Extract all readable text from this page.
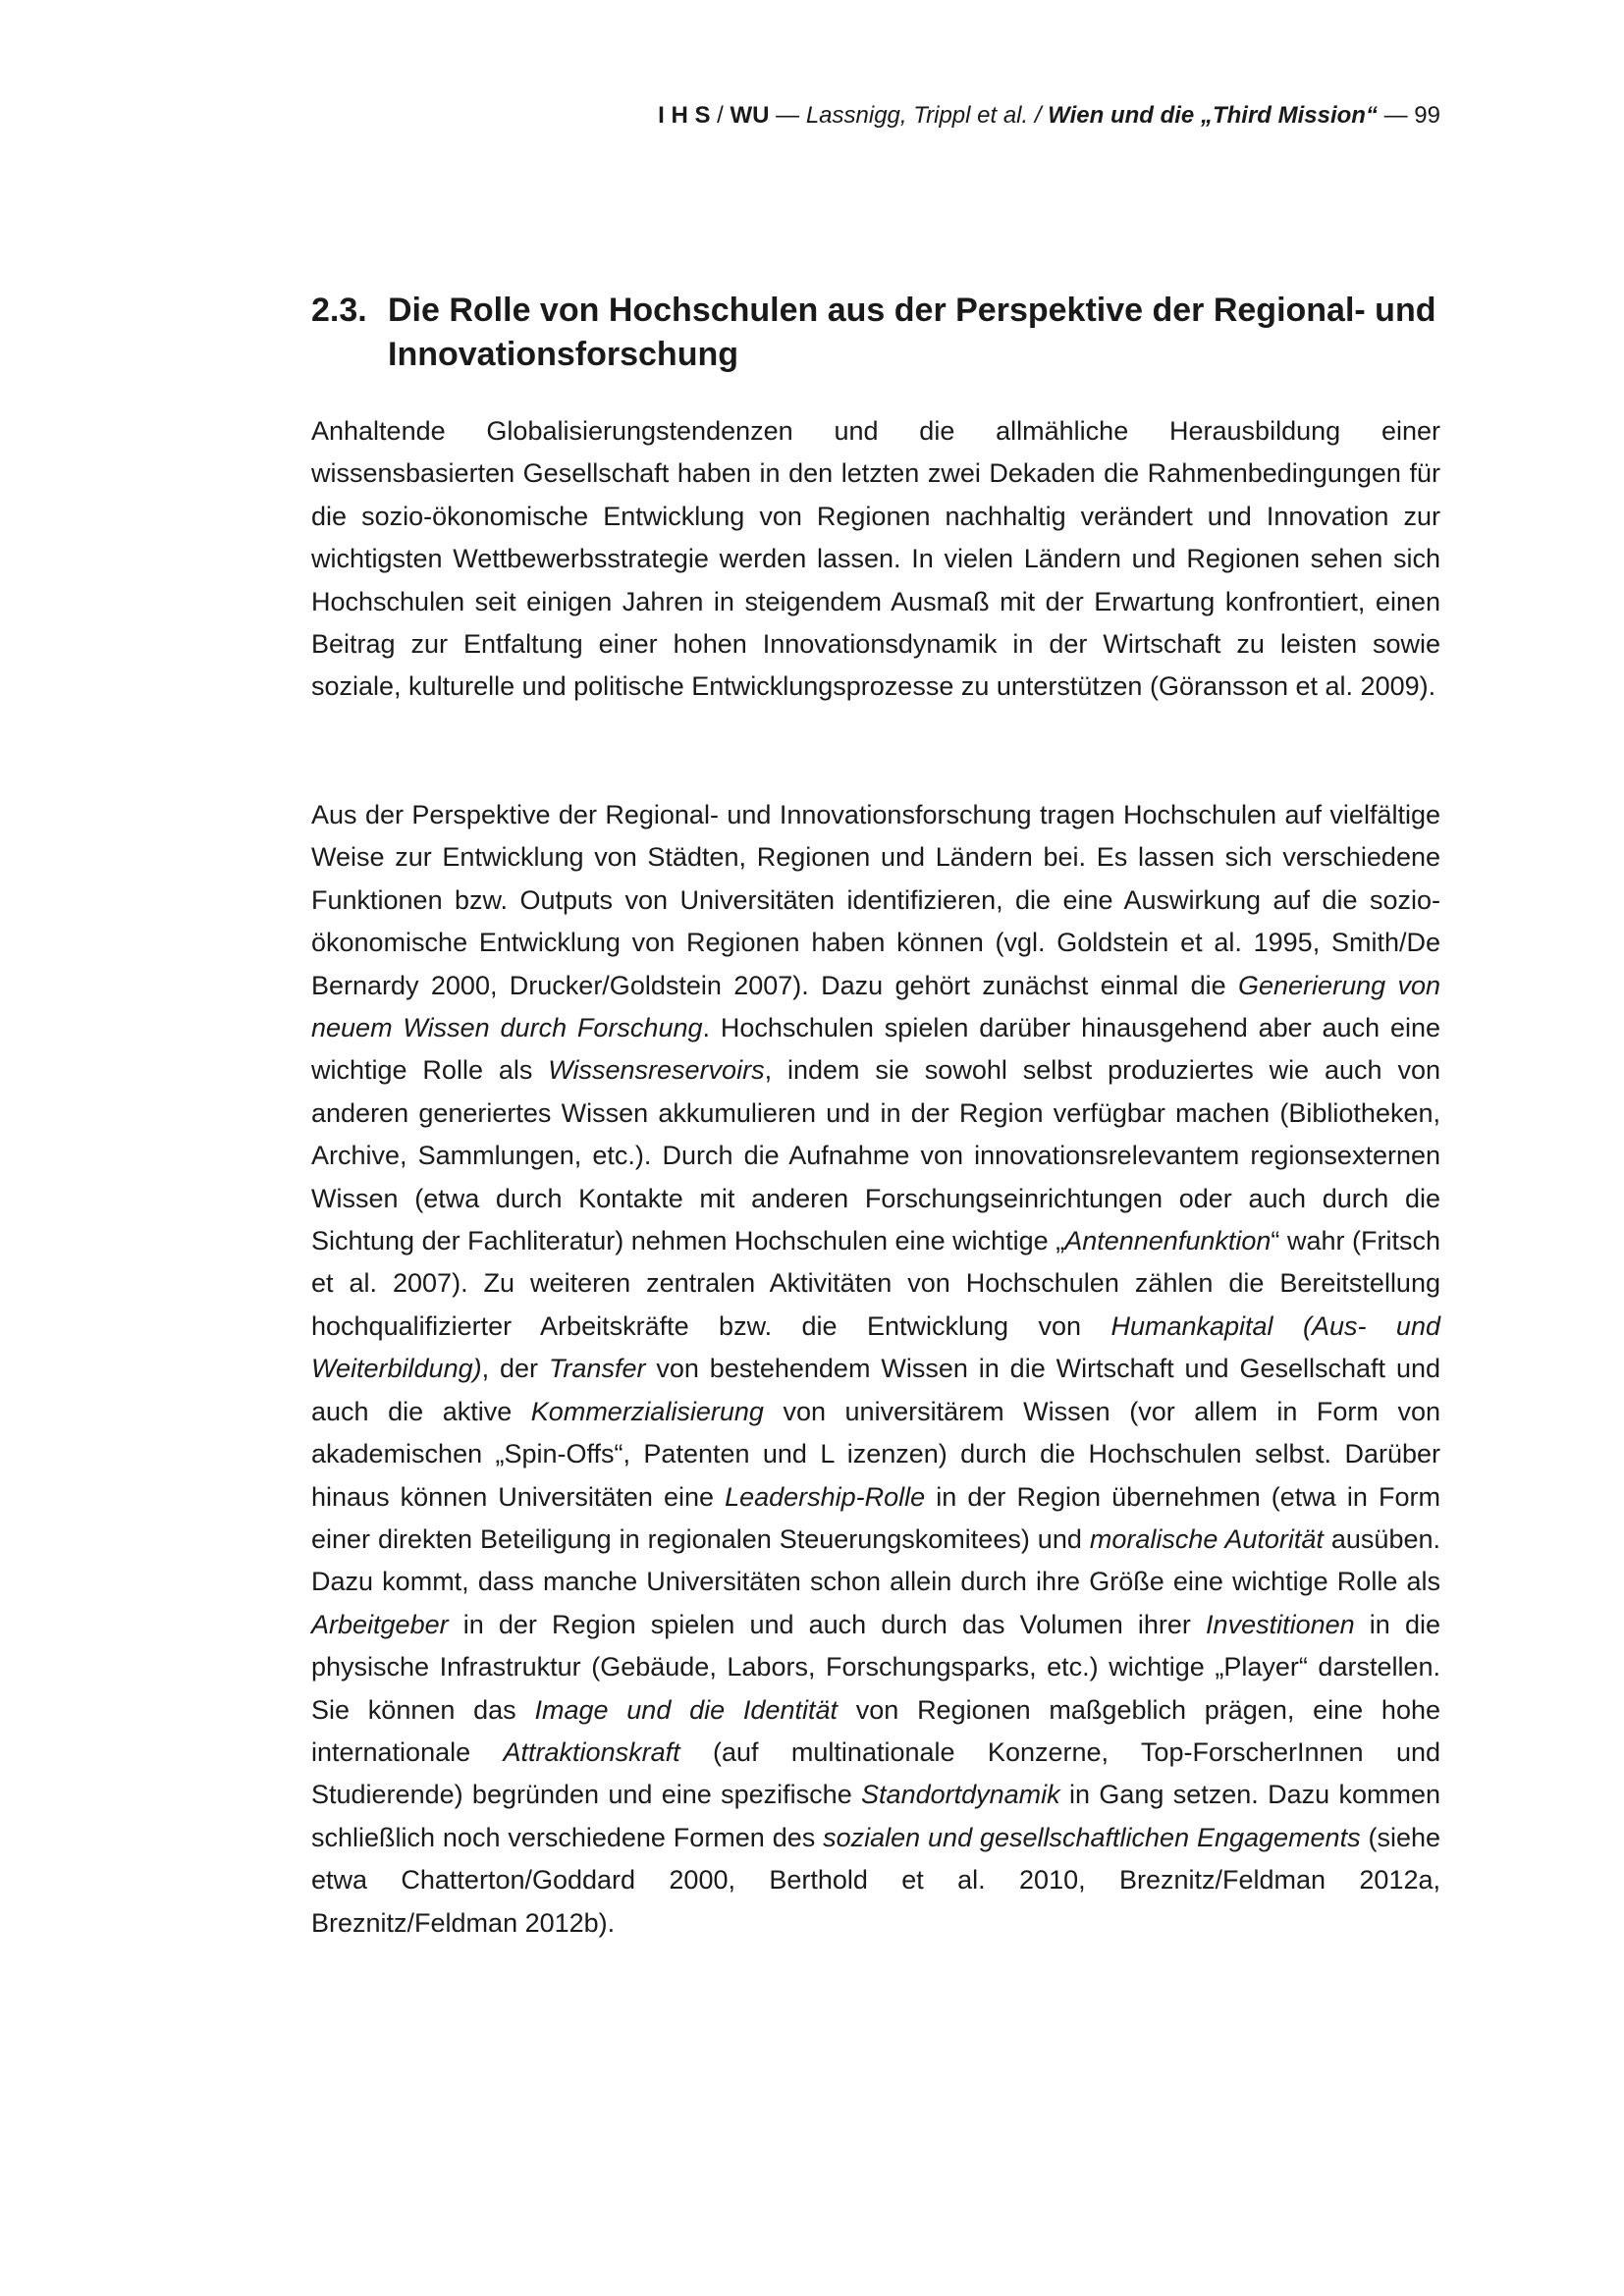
I H S / WU — Lassnigg, Trippl et al. / Wien und die „Third Mission“ — 99
2.3. Die Rolle von Hochschulen aus der Perspektive der Regional- und Innovationsforschung

Anhaltende Globalisierungstendenzen und die allmähliche Herausbildung einer wissensbasierten Gesellschaft haben in den letzten zwei Dekaden die Rahmenbedingungen für die sozio-ökonomische Entwicklung von Regionen nachhaltig verändert und Innovation zur wichtigsten Wettbewerbsstrategie werden lassen. In vielen Ländern und Regionen sehen sich Hochschulen seit einigen Jahren in steigendem Ausmaß mit der Erwartung konfrontiert, einen Beitrag zur Entfaltung einer hohen Innovationsdynamik in der Wirtschaft zu leisten sowie soziale, kulturelle und politische Entwicklungsprozesse zu unterstützen (Göransson et al. 2009).

Aus der Perspektive der Regional- und Innovationsforschung tragen Hochschulen auf vielfältige Weise zur Entwicklung von Städten, Regionen und Ländern bei. Es lassen sich verschiedene Funktionen bzw. Outputs von Universitäten identifizieren, die eine Auswirkung auf die sozio-ökonomische Entwicklung von Regionen haben können (vgl. Goldstein et al. 1995, Smith/De Bernardy 2000, Drucker/Goldstein 2007). Dazu gehört zunächst einmal die Generierung von neuem Wissen durch Forschung. Hochschulen spielen darüber hinausgehend aber auch eine wichtige Rolle als Wissensreservoirs, indem sie sowohl selbst produziertes wie auch von anderen generiertes Wissen akkumulieren und in der Region verfügbar machen (Bibliotheken, Archive, Sammlungen, etc.). Durch die Aufnahme von innovationsrelevantem regionsexternen Wissen (etwa durch Kontakte mit anderen Forschungseinrichtungen oder auch durch die Sichtung der Fachliteratur) nehmen Hochschulen eine wichtige „Antennenfunktion“ wahr (Fritsch et al. 2007). Zu weiteren zentralen Aktivitäten von Hochschulen zählen die Bereitstellung hochqualifizierter Arbeitskräfte bzw. die Entwicklung von Humankapital (Aus- und Weiterbildung), der Transfer von bestehendem Wissen in die Wirtschaft und Gesellschaft und auch die aktive Kommerzialisierung von universitärem Wissen (vor allem in Form von akademischen „Spin-Offs“, Patenten und L izenzen) durch die Hochschulen selbst. Darüber hinaus können Universitäten eine Leadership-Rolle in der Region übernehmen (etwa in Form einer direkten Beteiligung in regionalen Steuerungskomitees) und moralische Autorität ausüben. Dazu kommt, dass manche Universitäten schon allein durch ihre Größe eine wichtige Rolle als Arbeitgeber in der Region spielen und auch durch das Volumen ihrer Investitionen in die physische Infrastruktur (Gebäude, Labors, Forschungsparks, etc.) wichtige „Player“ darstellen. Sie können das Image und die Identität von Regionen maßgeblich prägen, eine hohe internationale Attraktionskraft (auf multinationale Konzerne, Top-ForscherInnen und Studierende) begründen und eine spezifische Standortdynamik in Gang setzen. Dazu kommen schließlich noch verschiedene Formen des sozialen und gesellschaftlichen Engagements (siehe etwa Chatterton/Goddard 2000, Berthold et al. 2010, Breznitz/Feldman 2012a, Breznitz/Feldman 2012b).
